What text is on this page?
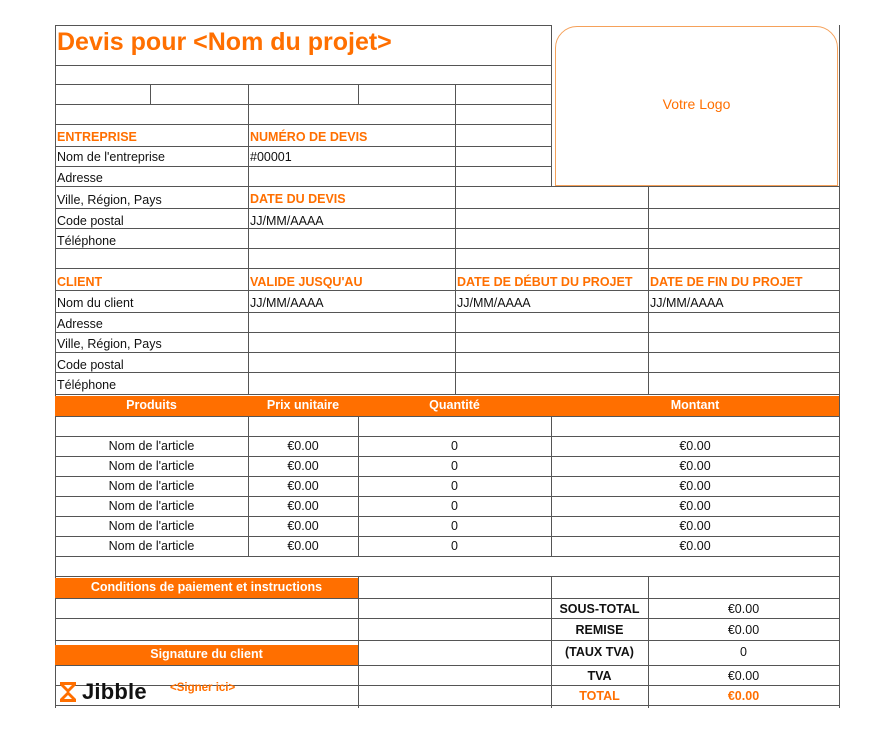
Devis pour <Nom du projet>
Votre Logo
ENTREPRISE
Nom de l'entreprise
Adresse
Ville, Région, Pays
Code postal
Téléphone
NUMÉRO DE DEVIS
#00001
DATE DU DEVIS
JJ/MM/AAAA
CLIENT
Nom du client
Adresse
Ville, Région, Pays
Code postal
Téléphone
VALIDE JUSQU'AU
JJ/MM/AAAA
DATE DE DÉBUT DU PROJET
JJ/MM/AAAA
DATE DE FIN DU PROJET
JJ/MM/AAAA
Produits	Prix unitaire	Quantité	Montant
Nom de l'article	€0.00	0	€0.00
Nom de l'article	€0.00	0	€0.00
Nom de l'article	€0.00	0	€0.00
Nom de l'article	€0.00	0	€0.00
Nom de l'article	€0.00	0	€0.00
Nom de l'article	€0.00	0	€0.00
Conditions de paiement et instructions
Signature du client
Jibble <Signer ici>
SOUS-TOTAL	€0.00
REMISE	€0.00
(TAUX TVA)	0
TVA	€0.00
TOTAL	€0.00
